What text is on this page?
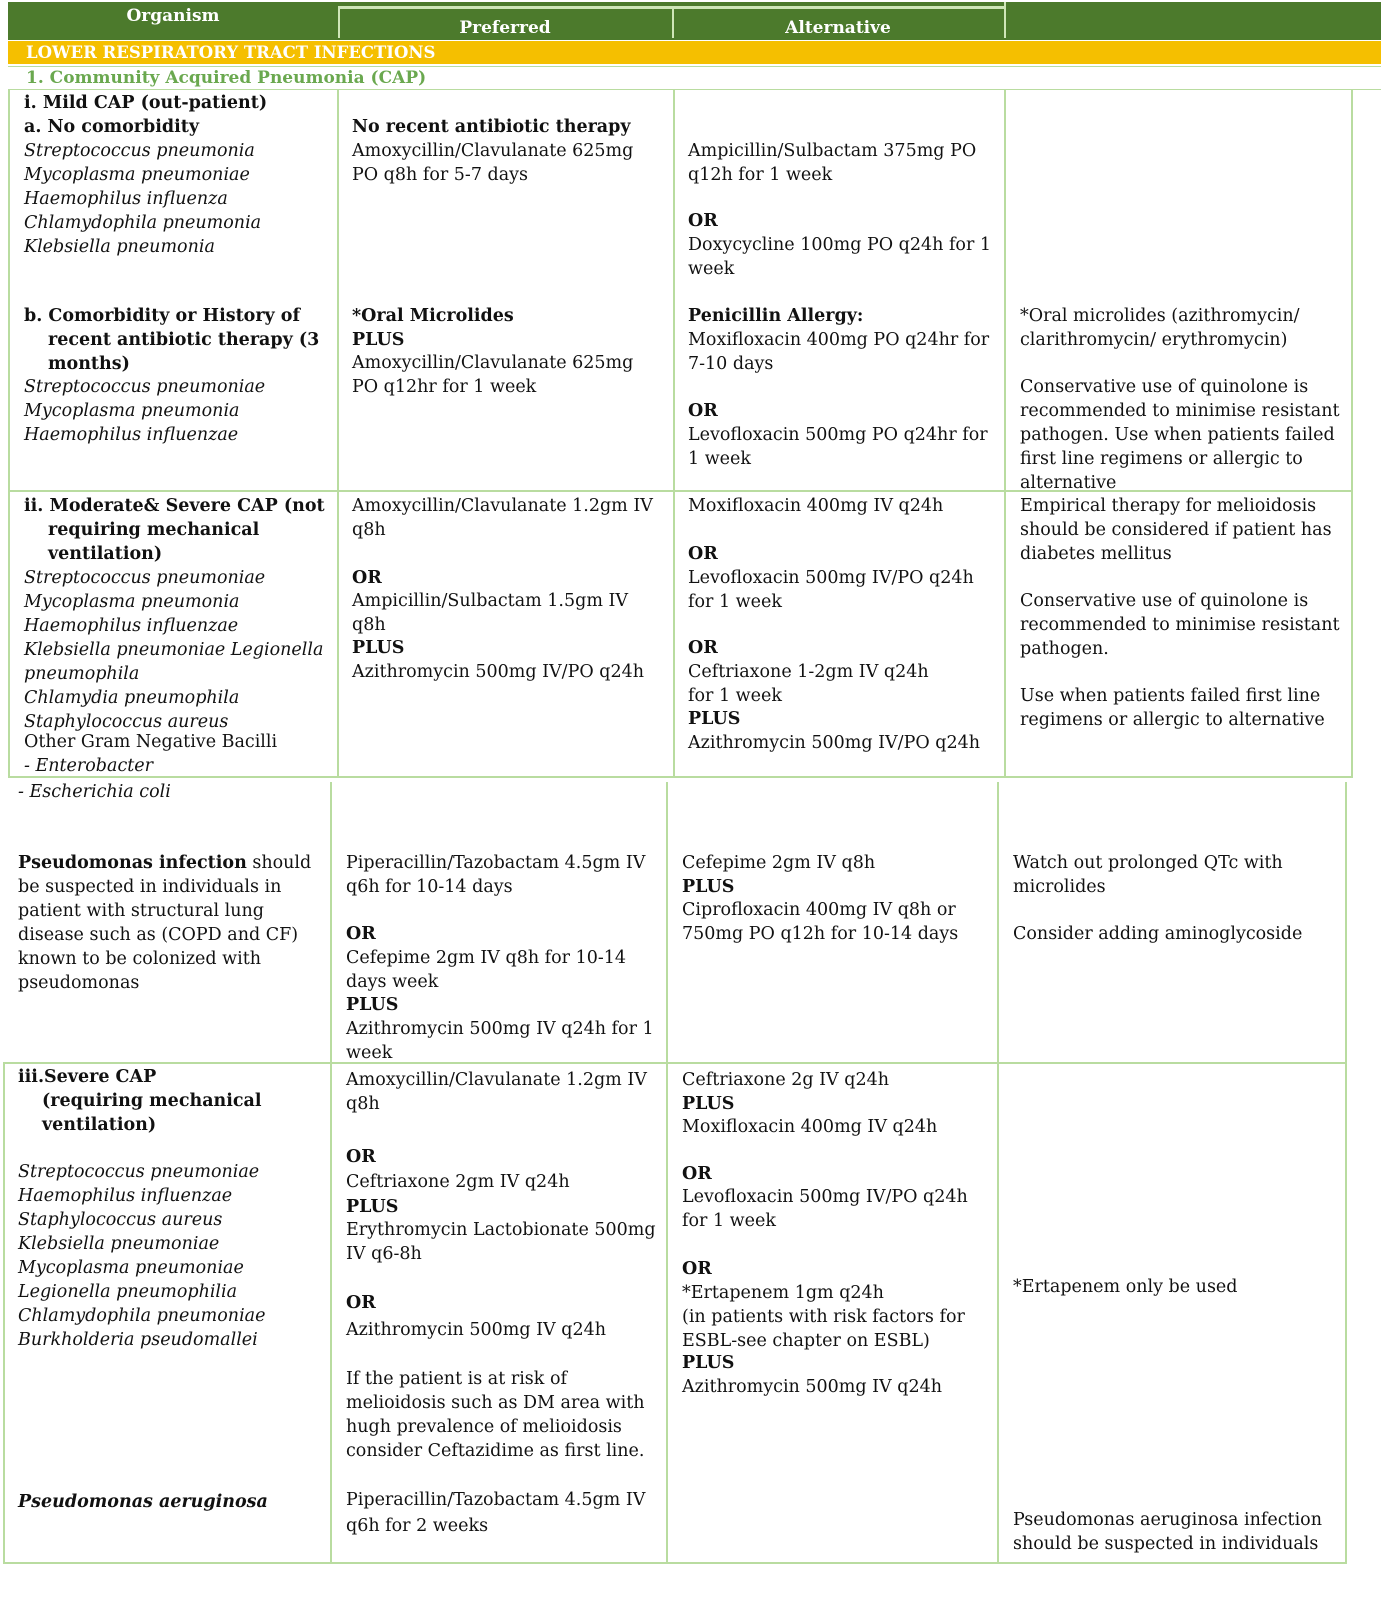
Organism
Preferred	Alternative
LOWER RESPIRATORY TRACT INFECTIONS
1. Community Acquired Pneumonia (CAP)
i. Mild CAP (out-patient)
a. No comorbidity
Streptococcus pneumonia
Mycoplasma pneumoniae
Haemophilus influenza
Chlamydophila pneumonia
Klebsiella pneumonia
b. Comorbidity or History of
recent antibiotic therapy (3
months)
Streptococcus pneumoniae
Mycoplasma pneumonia
Haemophilus influenzae
No recent antibiotic therapy
Amoxycillin/Clavulanate 625mg
PO q8h for 5-7 days
*Oral Microlides
PLUS
Amoxycillin/Clavulanate 625mg
PO q12hr for 1 week
Ampicillin/Sulbactam 375mg PO
q12h for 1 week
OR
Doxycycline 100mg PO q24h for 1
week
Penicillin Allergy:
Moxifloxacin 400mg PO q24hr for
7-10 days
OR
Levofloxacin 500mg PO q24hr for
1 week
*Oral microlides (azithromycin/
clarithromycin/ erythromycin)
Conservative use of quinolone is
recommended to minimise resistant
pathogen. Use when patients failed
first line regimens or allergic to
alternative
ii. Moderate& Severe CAP (not
requiring mechanical
ventilation)
Streptococcus pneumoniae
Mycoplasma pneumonia
Haemophilus influenzae
Klebsiella pneumoniae Legionella
pneumophila
Chlamydia pneumophila
Staphylococcus aureus
Other Gram Negative Bacilli
- Enterobacter
Amoxycillin/Clavulanate 1.2gm IV
q8h
OR
Ampicillin/Sulbactam 1.5gm IV
q8h
PLUS
Azithromycin 500mg IV/PO q24h
Moxifloxacin 400mg IV q24h
OR
Levofloxacin 500mg IV/PO q24h
for 1 week
OR
Ceftriaxone 1-2gm IV q24h
for 1 week
PLUS
Azithromycin 500mg IV/PO q24h
Empirical therapy for melioidosis
should be considered if patient has
diabetes mellitus
Conservative use of quinolone is
recommended to minimise resistant
pathogen.
Use when patients failed first line
regimens or allergic to alternative
- Escherichia coli
Pseudomonas infection should
be suspected in individuals in
patient with structural lung
disease such as (COPD and CF)
known to be colonized with
pseudomonas
Piperacillin/Tazobactam 4.5gm IV
q6h for 10-14 days
OR
Cefepime 2gm IV q8h for 10-14
days week
PLUS
Azithromycin 500mg IV q24h for 1
week
Cefepime 2gm IV q8h
PLUS
Ciprofloxacin 400mg IV q8h or
750mg PO q12h for 10-14 days
Watch out prolonged QTc with
microlides
Consider adding aminoglycoside
iii.Severe CAP
(requiring mechanical
ventilation)
Streptococcus pneumoniae
Haemophilus influenzae
Staphylococcus aureus
Klebsiella pneumoniae
Mycoplasma pneumoniae
Legionella pneumophilia
Chlamydophila pneumoniae
Burkholderia pseudomallei
Pseudomonas aeruginosa
Amoxycillin/Clavulanate 1.2gm IV
q8h
OR
Ceftriaxone 2gm IV q24h
PLUS
Erythromycin Lactobionate 500mg
IV q6-8h
OR
Azithromycin 500mg IV q24h
If the patient is at risk of
melioidosis such as DM area with
hugh prevalence of melioidosis
consider Ceftazidime as first line.
Piperacillin/Tazobactam 4.5gm IV
q6h for 2 weeks
Ceftriaxone 2g IV q24h
PLUS
Moxifloxacin 400mg IV q24h
OR
Levofloxacin 500mg IV/PO q24h
for 1 week
OR
*Ertapenem 1gm q24h
(in patients with risk factors for
ESBL-see chapter on ESBL)
PLUS
Azithromycin 500mg IV q24h
*Ertapenem only be used
Pseudomonas aeruginosa infection
should be suspected in individuals
